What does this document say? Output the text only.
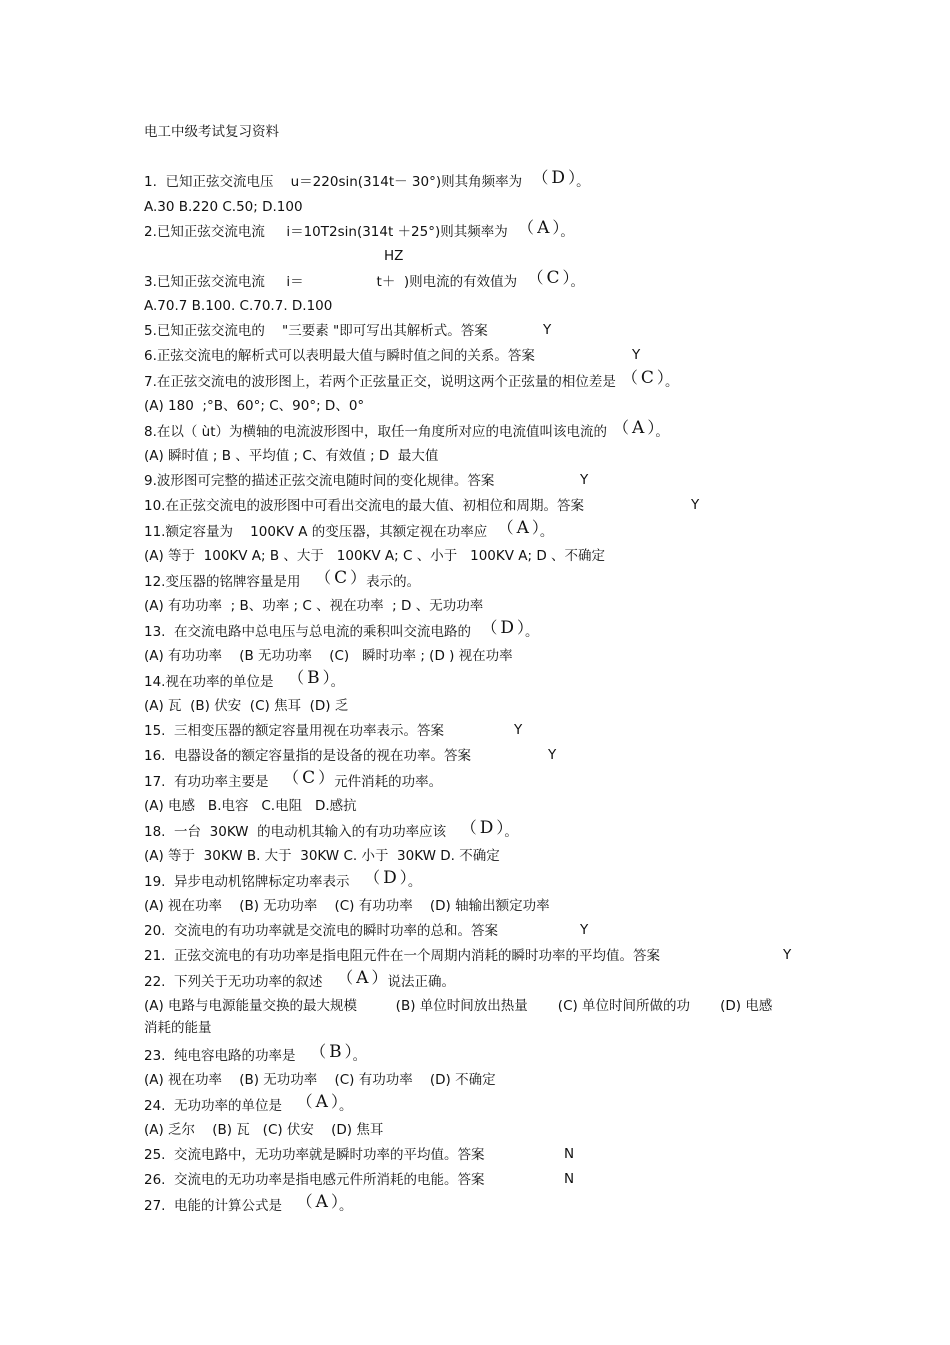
电工中级考试复习资料
1.  已知正弦交流电压    u＝220sin(314t－ 30°)则其角频率为 （ D ）。
A.30 B.220 C.50; D.100
2.已知正弦交流电流     i＝10T2sin(314t ＋25°)则其频率为 （ A ）。
HZ
3.已知正弦交流电流     i＝                 t＋  )则电流的有效值为 （ C ）。
A.70.7 B.100. C.70.7. D.100
5.已知正弦交流电的    "三要素 "即可写出其解析式。答案	Y
6.正弦交流电的解析式可以表明最大值与瞬时值之间的关系。答案	Y
7.在正弦交流电的波形图上，若两个正弦量正交，说明这两个正弦量的相位差是 （ C ）。
(A) 180  ;°B、60°; C、90°; D、0°
8.在以（ ùt）为横轴的电流波形图中，取任一角度所对应的电流值叫该电流的 （ A ）。
(A) 瞬时值 ; B 、平均值 ; C、有效值 ; D  最大值
9.波形图可完整的描述正弦交流电随时间的变化规律。答案	Y
10.在正弦交流电的波形图中可看出交流电的最大值、初相位和周期。答案	Y
11.额定容量为    100KV A 的变压器，其额定视在功率应 （ A ）。
(A) 等于  100KV A; B 、大于   100KV A; C 、小于   100KV A; D 、不确定
12.变压器的铭牌容量是用  （ C ）表示的。
(A) 有功功率  ; B、功率 ; C 、视在功率  ; D 、无功功率
13.  在交流电路中总电压与总电流的乘积叫交流电路的 （ D ）。
(A) 有功功率    (B 无功功率    (C)   瞬时功率 ; (D ) 视在功率
14.视在功率的单位是  （ B ）。
(A) 瓦  (B) 伏安  (C) 焦耳  (D) 乏
15.  三相变压器的额定容量用视在功率表示。答案	Y
16.  电器设备的额定容量指的是设备的视在功率。答案	Y
17.  有功功率主要是  （ C ）元件消耗的功率。
(A) 电感   B.电容   C.电阻   D.感抗
18.  一台  30KW  的电动机其输入的有功功率应该  （ D ）。
(A) 等于  30KW B. 大于  30KW C. 小于  30KW D. 不确定
19.  异步电动机铭牌标定功率表示  （ D ）。
(A) 视在功率    (B) 无功功率    (C) 有功功率    (D) 轴输出额定功率
20.  交流电的有功功率就是交流电的瞬时功率的总和。答案	Y
21.  正弦交流电的有功功率是指电阻元件在一个周期内消耗的瞬时功率的平均值。答案	Y
22.  下列关于无功功率的叙述  （ A ）说法正确。
(A) 电路与电源能量交换的最大规模         (B) 单位时间放出热量       (C) 单位时间所做的功       (D) 电感
消耗的能量
23.  纯电容电路的功率是  （ B ）。
(A) 视在功率    (B) 无功功率    (C) 有功功率    (D) 不确定
24.  无功功率的单位是  （ A ）。
(A) 乏尔    (B) 瓦   (C) 伏安    (D) 焦耳
25.  交流电路中，无功功率就是瞬时功率的平均值。答案	N
26.  交流电的无功功率是指电感元件所消耗的电能。答案	N
27.  电能的计算公式是  （ A ）。
